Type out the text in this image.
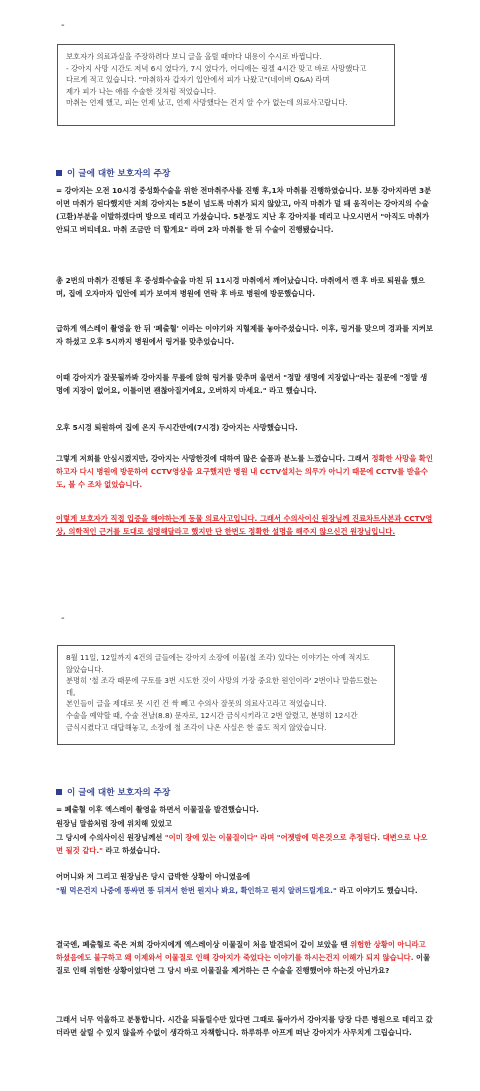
-

보호자가 의료과실을 주장하려다 보니 글을 올릴 때마다 내용이 수시로 바뀝니다.

- 강아지 사망 시간도 저녁 6시 였다가, 7시 였다가, 어디에는 링겔 4시간 맞고 바로 사망했다고

다르게 적고 있습니다. "마취하자 갑자기 입안에서 피가 나왔고"(네이버 Q&A) 라며

제가 피가 나는 애를 수술한 것처럼 적었습니다.

마취는 언제 했고, 피는 언제 났고, 언제 사망했다는 건지 알 수가 없는데 의료사고랍니다.

이 글에 대한 보호자의 주장

= 강아지는 오전 10시경 중성화수술을 위한 전마취주사를 진행 후,1차 마취를 진행하였습니다. 보통 강아지라면 3분이면 마취가 된다했지만 저희 강아지는 5분이 넘도록 마취가 되지 않았고, 아직 마취가 덜 돼 움직이는 강아지의 수술(고환)부분을 이발하겠다며 방으로 데리고 가셨습니다. 5분정도 지난 후 강아지를 데리고 나오시면서 "아직도 마취가 안되고 버티네요. 마취 조금만 더 할게요" 라며 2차 마취를 한 뒤 수술이 진행됐습니다.

총 2번의 마취가 진행된 후 중성화수술을 마친 뒤 11시경 마취에서 깨어났습니다. 마취에서 깬 후 바로 퇴원을 했으며, 집에 오자마자 입안에 피가 보여져 병원에 연락 후 바로 병원에 방문했습니다.

급하게 엑스레이 촬영을 한 뒤 '폐출혈' 이라는 이야기와 지혈제를 놓아주셨습니다. 이후, 링거를 맞으며 경과를 지켜보자 하셨고 오후 5시까지 병원에서 링거를 맞추었습니다.

이때 강아지가 잘못될까봐 강아지를 무릎에 앉혀 링거를 맞추며 울면서 "정말 생명에 지장없나"라는 질문에 "정말 생명에 지장이 없어요, 이틀이면 괜찮아질거에요, 오버하지 마세요." 라고 했습니다.

오후 5시경 퇴원하여 집에 온지 두시간만에(7시경) 강아지는 사망했습니다.

그렇게 저희를 안심시켰지만, 강아지는 사망한것에 대하여 많은 슬픔과 분노를 느꼈습니다. 그래서 정확한 사망을 확인하고자 다시 병원에 방문하여 CCTV영상을 요구했지만 병원 내 CCTV설치는 의무가 아니기 때문에 CCTV를 받을수도, 볼 수 조차 없었습니다.

이렇게 보호자가 직접 입증을 해야하는게 동물 의료사고입니다. 그래서 수의사이신 원장님께 진료차트사본과 CCTV영상, 의학적인 근거를 토대로 설명해달라고 했지만 단 한번도 정확한 설명을 해주지 않으신건 원장님입니다.

-

8월 11일, 12일까지 4건의 글들에는 강아지 소장에 이물(철 조각) 있다는 이야기는 아예 적지도

않았습니다.

분명히 '철 조각 때문에 구토를 3번 시도한 것이 사망의 가장 중요한 원인이라' 2번이나 말씀드렸는데,

본인들이 글을 제대로 못 시킨 건 싹 빼고 수의사 잘못의 의료사고라고 적었습니다.

수술을 예약할 때, 수술 전날(8.8) 문자로, 12시간 금식시키라고 2번 알렸고, 분명히 12시간

금식시켰다고 대답해놓고, 소장에 철 조각이 나온 사실은 한 줄도 적지 않았습니다.

이 글에 대한 보호자의 주장

= 폐출혈 이후 엑스레이 촬영을 하면서 이물질을 발견했습니다.

원장님 말씀처럼 장에 위치해 있었고

그 당시에 수의사이신 원장님께선 "이미 장에 있는 이물질이다" 라며 "어젯밤에 먹은것으로 추정된다. 대변으로 나오면 될것 같다." 라고 하셨습니다.

어머니와 저 그리고 원장님은 당시 급박한 상황이 아니였음에

"뭘 먹은건지 나중에 똥싸면 똥 뒤져서 한번 뭔지나 봐요, 확인하고 뭔지 알려드릴게요." 라고 이야기도 했습니다.

결국엔, 폐출혈로 죽은 저희 강아지에게 엑스레이상 이물질이 처음 발견되어 같이 보았을 땐 위험한 상황이 아니라고 하셨음에도 불구하고 왜 이제와서 이물질로 인해 강아지가 죽었다는 이야기를 하시는건지 이해가 되지 않습니다. 이물질로 인해 위험한 상황이었다면 그 당시 바로 이물질을 제거하는 큰 수술을 진행했어야 하는것 아닌가요?

그래서 너무 억울하고 분통합니다. 시간을 되돌릴수만 있다면 그때로 돌아가서 강아지를 당장 다른 병원으로 데리고 갔더라면 살릴 수 있지 않을까 수없이 생각하고 자책합니다. 하루하루 아프게 떠난 강아지가 사무치게 그립습니다.
